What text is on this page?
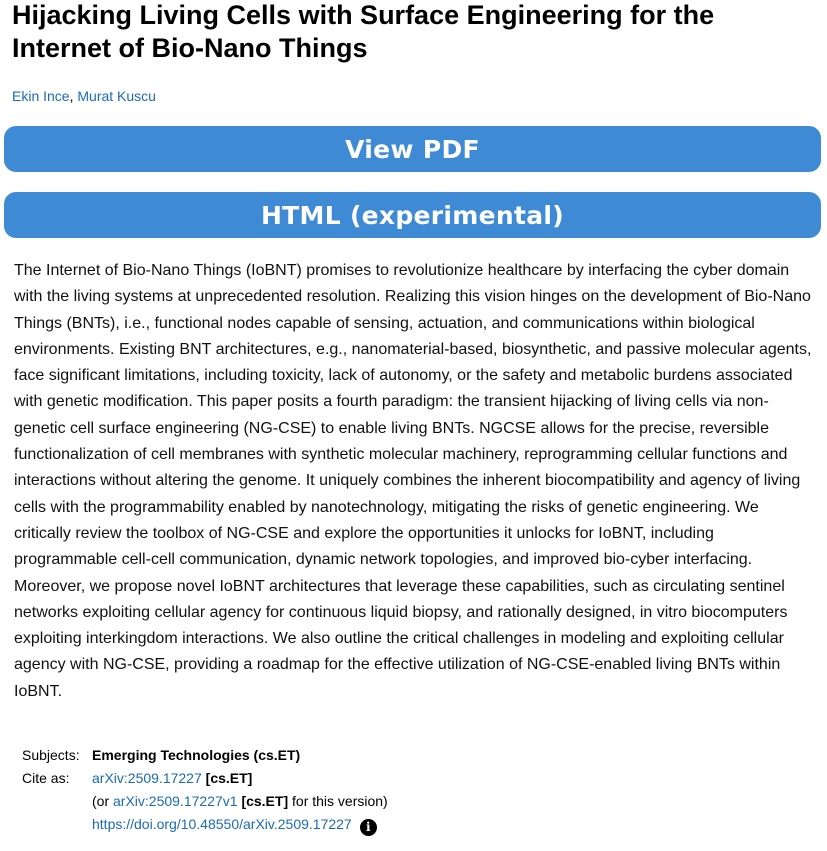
Hijacking Living Cells with Surface Engineering for the Internet of Bio-Nano Things
Ekin Ince, Murat Kuscu
View PDF
HTML (experimental)

The Internet of Bio-Nano Things (IoBNT) promises to revolutionize healthcare by interfacing the cyber domain with the living systems at unprecedented resolution. Realizing this vision hinges on the development of Bio-Nano Things (BNTs), i.e., functional nodes capable of sensing, actuation, and communications within biological environments. Existing BNT architectures, e.g., nanomaterial-based, biosynthetic, and passive molecular agents, face significant limitations, including toxicity, lack of autonomy, or the safety and metabolic burdens associated with genetic modification. This paper posits a fourth paradigm: the transient hijacking of living cells via non-genetic cell surface engineering (NG-CSE) to enable living BNTs. NGCSE allows for the precise, reversible functionalization of cell membranes with synthetic molecular machinery, reprogramming cellular functions and interactions without altering the genome. It uniquely combines the inherent biocompatibility and agency of living cells with the programmability enabled by nanotechnology, mitigating the risks of genetic engineering. We critically review the toolbox of NG-CSE and explore the opportunities it unlocks for IoBNT, including programmable cell-cell communication, dynamic network topologies, and improved bio-cyber interfacing. Moreover, we propose novel IoBNT architectures that leverage these capabilities, such as circulating sentinel networks exploiting cellular agency for continuous liquid biopsy, and rationally designed, in vitro biocomputers exploiting interkingdom interactions. We also outline the critical challenges in modeling and exploiting cellular agency with NG-CSE, providing a roadmap for the effective utilization of NG-CSE-enabled living BNTs within IoBNT.

Subjects: Emerging Technologies (cs.ET)
Cite as:	arXiv:2509.17227 [cs.ET]
(or arXiv:2509.17227v1 [cs.ET] for this version)
https://doi.org/10.48550/arXiv.2509.17227 i
